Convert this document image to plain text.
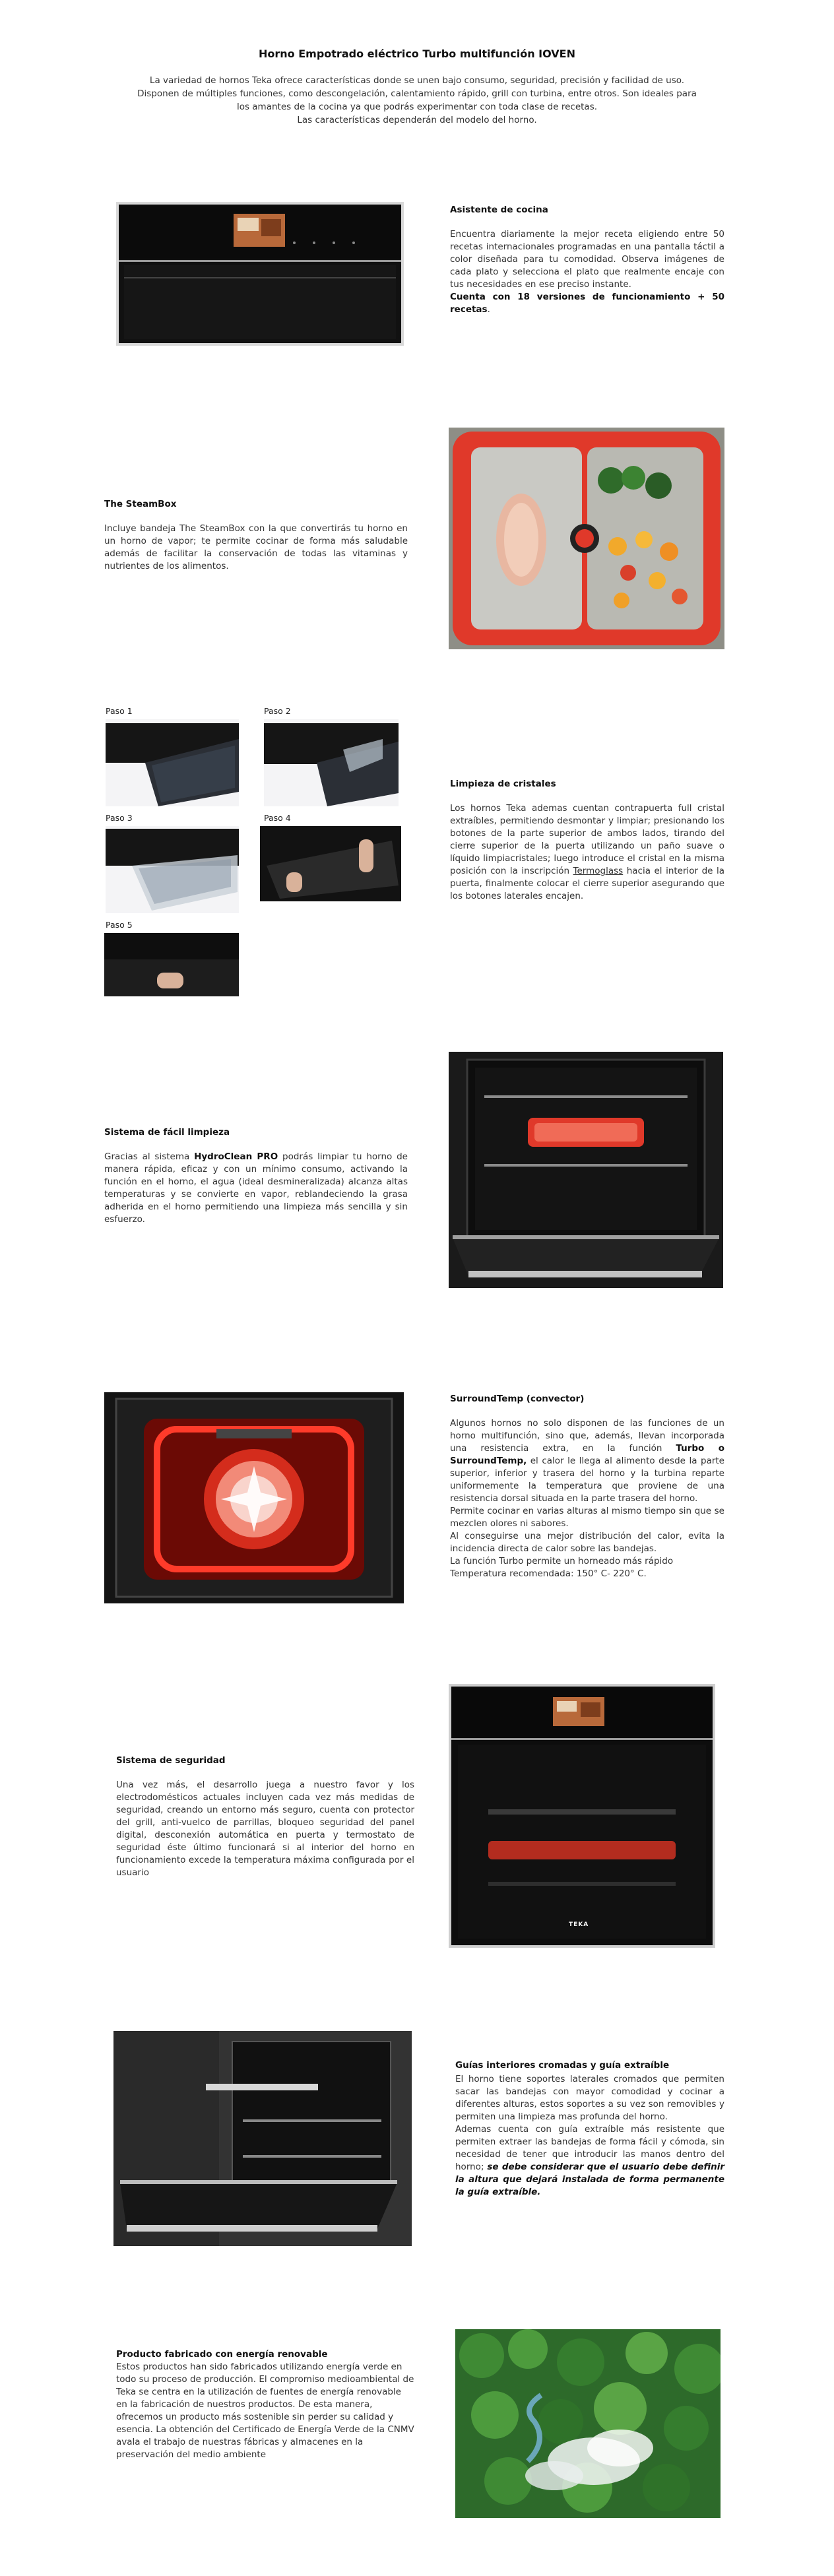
Horno Empotrado eléctrico Turbo multifunción IOVEN

La variedad de hornos Teka ofrece características donde se unen bajo consumo, seguridad, precisión y facilidad de uso.

Disponen de múltiples funciones, como descongelación, calentamiento rápido, grill con turbina, entre otros. Son ideales para

los amantes de la cocina ya que podrás experimentar con toda clase de recetas.

Las características dependerán del modelo del horno.

Asistente de cocina

Encuentra diariamente la mejor receta eligiendo entre 50 recetas internacionales programadas en una pantalla táctil a color diseñada para tu comodidad. Observa imágenes de cada plato y selecciona el plato que realmente encaje con tus necesidades en ese preciso instante.

Cuenta con 18 versiones de funcionamiento + 50 recetas.

The SteamBox

Incluye bandeja The SteamBox con la que convertirás tu horno en un horno de vapor; te permite cocinar de forma más saludable además de facilitar la conservación de todas las vitaminas y nutrientes de los alimentos.

Paso 1	Paso 2
Paso 3	Paso 4
Paso 5
Limpieza de cristales

Los hornos Teka ademas cuentan contrapuerta full cristal extraíbles, permitiendo desmontar y limpiar; presionando los botones de la parte superior de ambos lados, tirando del cierre superior de la puerta utilizando un paño suave o líquido limpiacristales; luego introduce el cristal en la misma posición con la inscripción Termoglass hacia el interior de la puerta, finalmente colocar el cierre superior asegurando que los botones laterales encajen.

Sistema de fácil limpieza

Gracias al sistema HydroClean PRO podrás limpiar tu horno de manera rápida, eficaz y con un mínimo consumo, activando la función en el horno, el agua (ideal desmineralizada) alcanza altas temperaturas y se convierte en vapor, reblandeciendo la grasa adherida en el horno permitiendo una limpieza más sencilla y sin esfuerzo.

SurroundTemp (convector)

Algunos hornos no solo disponen de las funciones de un horno multifunción, sino que, además, llevan incorporada una resistencia extra, en la función Turbo o SurroundTemp, el calor le llega al alimento desde la parte superior, inferior y trasera del horno y la turbina reparte uniformemente la temperatura que proviene de una resistencia dorsal situada en la parte trasera del horno.

Permite cocinar en varias alturas al mismo tiempo sin que se mezclen olores ni sabores.

Al conseguirse una mejor distribución del calor, evita la incidencia directa de calor sobre las bandejas.

La función Turbo permite un horneado más rápido

Temperatura recomendada: 150° C- 220° C.

Sistema de seguridad

Una vez más, el desarrollo juega a nuestro favor y los electrodomésticos actuales incluyen cada vez más medidas de seguridad, creando un entorno más seguro, cuenta con protector del grill, anti-vuelco de parrillas, bloqueo seguridad del panel digital, desconexión automática en puerta y termostato de seguridad éste último funcionará si al interior del horno en funcionamiento excede la temperatura máxima configurada por el usuario

TEKA
Guías interiores cromadas y guía extraíble

El horno tiene soportes laterales cromados que permiten sacar las bandejas con mayor comodidad y cocinar a diferentes alturas, estos soportes a su vez son removibles y permiten una limpieza mas profunda del horno.

Ademas cuenta con guía extraíble más resistente que permiten extraer las bandejas de forma fácil y cómoda, sin necesidad de tener que introducir las manos dentro del horno; se debe considerar que el usuario debe definir la altura que dejará instalada de forma permanente la guía extraíble.

Producto fabricado con energía renovable

Estos productos han sido fabricados utilizando energía verde en todo su proceso de producción. El compromiso medioambiental de Teka se centra en la utilización de fuentes de energía renovable en la fabricación de nuestros productos. De esta manera, ofrecemos un producto más sostenible sin perder su calidad y esencia. La obtención del Certificado de Energía Verde de la CNMV avala el trabajo de nuestras fábricas y almacenes en la preservación del medio ambiente
